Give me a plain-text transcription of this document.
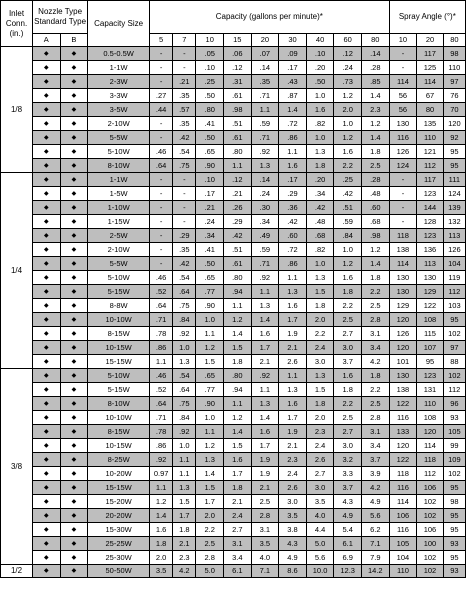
Inlet Conn. (in.)	Nozzle Type Standard Type		Capacity Size	Capacity (gallons per minute)*									Spray Angle (°)*		

	A	B		5	7	10	15	20	30	40	60	80	10	20	80
1/8	◆	◆	0.5-0.5W	-	-	.05	.06	.07	.09	.10	.12	.14	-	117	98
	◆	◆	1-1W	-	-	.10	.12	.14	.17	.20	.24	.28	-	125	110
	◆	◆	2-3W	-	.21	.25	.31	.35	.43	.50	.73	.85	114	114	97
	◆	◆	3-3W	.27	.35	.50	.61	.71	.87	1.0	1.2	1.4	56	67	76
	◆	◆	3-5W	.44	.57	.80	.98	1.1	1.4	1.6	2.0	2.3	56	80	70
	◆	◆	2-10W	-	.35	.41	.51	.59	.72	.82	1.0	1.2	130	135	120
	◆	◆	5-5W	-	.42	.50	.61	.71	.86	1.0	1.2	1.4	116	110	92
	◆	◆	5-10W	.46	.54	.65	.80	.92	1.1	1.3	1.6	1.8	126	121	95
	◆	◆	8-10W	.64	.75	.90	1.1	1.3	1.6	1.8	2.2	2.5	124	112	95
1/4	◆	◆	1-1W	-	-	.10	.12	.14	.17	.20	.25	.28	-	117	111
	◆	◆	1-5W	-	-	.17	.21	.24	.29	.34	.42	.48	-	123	124
	◆	◆	1-10W	-	-	.21	.26	.30	.36	.42	.51	.60	-	144	139
	◆	◆	1-15W	-	-	.24	.29	.34	.42	.48	.59	.68	-	128	132
	◆	◆	2-5W	-	.29	.34	.42	.49	.60	.68	.84	.98	118	123	113
	◆	◆	2-10W	-	.35	.41	.51	.59	.72	.82	1.0	1.2	138	136	126
	◆	◆	5-5W	-	.42	.50	.61	.71	.86	1.0	1.2	1.4	114	113	104
	◆	◆	5-10W	.46	.54	.65	.80	.92	1.1	1.3	1.6	1.8	130	130	119
	◆	◆	5-15W	.52	.64	.77	.94	1.1	1.3	1.5	1.8	2.2	130	129	112
	◆	◆	8-8W	.64	.75	.90	1.1	1.3	1.6	1.8	2.2	2.5	129	122	103
	◆	◆	10-10W	.71	.84	1.0	1.2	1.4	1.7	2.0	2.5	2.8	120	108	95
	◆	◆	8-15W	.78	.92	1.1	1.4	1.6	1.9	2.2	2.7	3.1	126	115	102
	◆	◆	10-15W	.86	1.0	1.2	1.5	1.7	2.1	2.4	3.0	3.4	120	107	97
	◆	◆	15-15W	1.1	1.3	1.5	1.8	2.1	2.6	3.0	3.7	4.2	101	95	88
3/8	◆	◆	5-10W	.46	.54	.65	.80	.92	1.1	1.3	1.6	1.8	130	123	102
	◆	◆	5-15W	.52	.64	.77	.94	1.1	1.3	1.5	1.8	2.2	138	131	112
	◆	◆	8-10W	.64	.75	.90	1.1	1.3	1.6	1.8	2.2	2.5	122	110	96
	◆	◆	10-10W	.71	.84	1.0	1.2	1.4	1.7	2.0	2.5	2.8	116	108	93
	◆	◆	8-15W	.78	.92	1.1	1.4	1.6	1.9	2.3	2.7	3.1	133	120	105
	◆	◆	10-15W	.86	1.0	1.2	1.5	1.7	2.1	2.4	3.0	3.4	120	114	99
	◆	◆	8-25W	.92	1.1	1.3	1.6	1.9	2.3	2.6	3.2	3.7	122	118	109
	◆	◆	10-20W	0.97	1.1	1.4	1.7	1.9	2.4	2.7	3.3	3.9	118	112	102
	◆	◆	15-15W	1.1	1.3	1.5	1.8	2.1	2.6	3.0	3.7	4.2	116	106	95
	◆	◆	15-20W	1.2	1.5	1.7	2.1	2.5	3.0	3.5	4.3	4.9	114	102	98
	◆	◆	20-20W	1.4	1.7	2.0	2.4	2.8	3.5	4.0	4.9	5.6	106	102	95
	◆	◆	15-30W	1.6	1.8	2.2	2.7	3.1	3.8	4.4	5.4	6.2	116	106	95
	◆	◆	25-25W	1.8	2.1	2.5	3.1	3.5	4.3	5.0	6.1	7.1	105	100	93
	◆	◆	25-30W	2.0	2.3	2.8	3.4	4.0	4.9	5.6	6.9	7.9	104	102	95
1/2	◆	◆	50-50W	3.5	4.2	5.0	6.1	7.1	8.6	10.0	12.3	14.2	110	102	93
